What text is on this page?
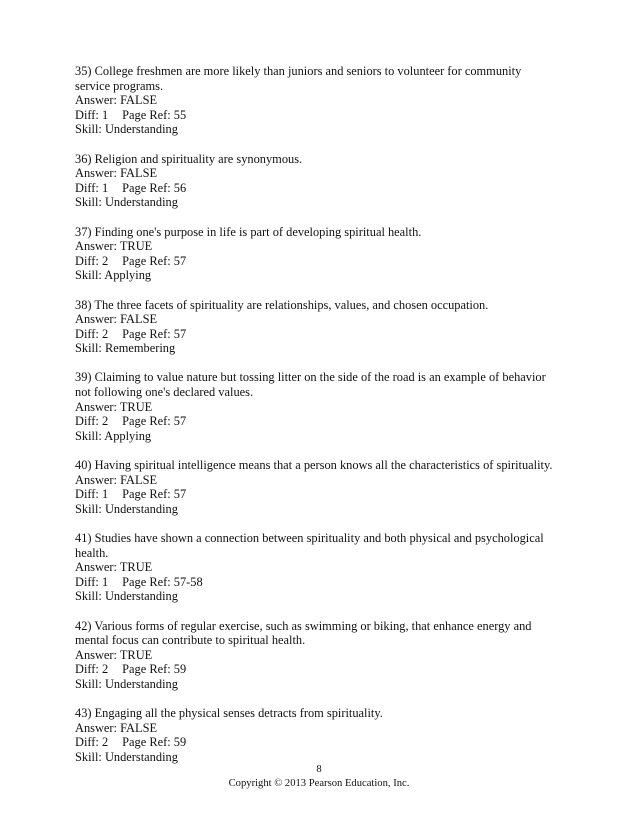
35) College freshmen are more likely than juniors and seniors to volunteer for community
service programs.
Answer: FALSE
Diff: 1 Page Ref: 55
Skill: Understanding
36) Religion and spirituality are synonymous.
Answer: FALSE
Diff: 1 Page Ref: 56
Skill: Understanding
37) Finding one's purpose in life is part of developing spiritual health.
Answer: TRUE
Diff: 2 Page Ref: 57
Skill: Applying
38) The three facets of spirituality are relationships, values, and chosen occupation.
Answer: FALSE
Diff: 2 Page Ref: 57
Skill: Remembering
39) Claiming to value nature but tossing litter on the side of the road is an example of behavior
not following one's declared values.
Answer: TRUE
Diff: 2 Page Ref: 57
Skill: Applying
40) Having spiritual intelligence means that a person knows all the characteristics of spirituality.
Answer: FALSE
Diff: 1 Page Ref: 57
Skill: Understanding
41) Studies have shown a connection between spirituality and both physical and psychological
health.
Answer: TRUE
Diff: 1 Page Ref: 57-58
Skill: Understanding
42) Various forms of regular exercise, such as swimming or biking, that enhance energy and
mental focus can contribute to spiritual health.
Answer: TRUE
Diff: 2 Page Ref: 59
Skill: Understanding
43) Engaging all the physical senses detracts from spirituality.
Answer: FALSE
Diff: 2 Page Ref: 59
Skill: Understanding
8
Copyright © 2013 Pearson Education, Inc.
